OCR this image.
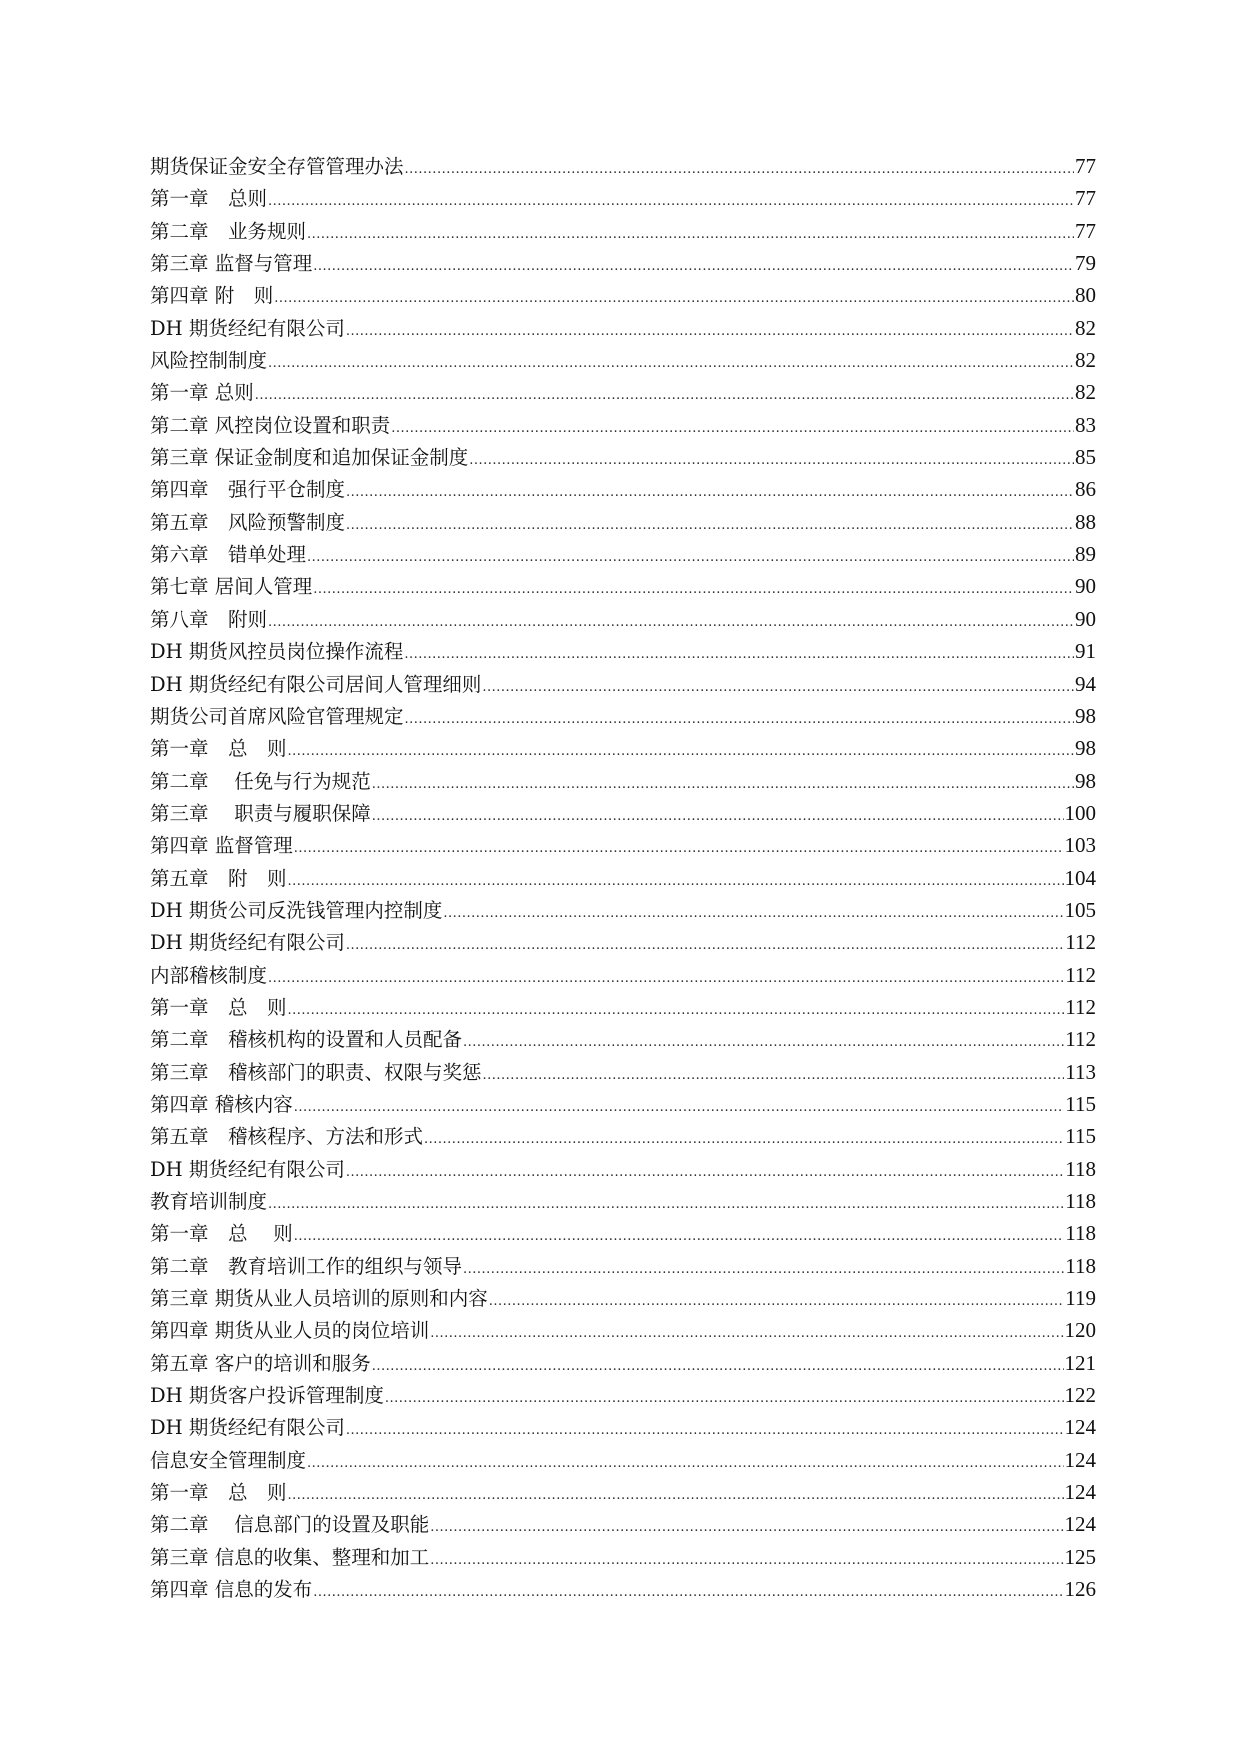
期货保证金安全存管管理办法 .....	77
第一章　总则 .....	77
第二章　业务规则 .....	77
第三章 监督与管理 .....	79
第四章 附　则 .....	80
DH 期货经纪有限公司 .....	82
风险控制制度 .....	82
第一章 总则 .....	82
第二章 风控岗位设置和职责 .....	83
第三章 保证金制度和追加保证金制度 .....	85
第四章　强行平仓制度 .....	86
第五章　风险预警制度 .....	88
第六章　错单处理 .....	89
第七章 居间人管理 .....	90
第八章　附则 .....	90
DH 期货风控员岗位操作流程 .....	91
DH 期货经纪有限公司居间人管理细则 .....	94
期货公司首席风险官管理规定 .....	98
第一章　总　则 .....	98
第二章　 任免与行为规范 .....	98
第三章　 职责与履职保障 .....	100
第四章 监督管理 .....	103
第五章　附　则 .....	104
DH 期货公司反洗钱管理内控制度 .....	105
DH 期货经纪有限公司 .....	112
内部稽核制度 .....	112
第一章　总　则 .....	112
第二章　稽核机构的设置和人员配备 .....	112
第三章　稽核部门的职责、权限与奖惩 .....	113
第四章 稽核内容 .....	115
第五章　稽核程序、方法和形式 .....	115
DH 期货经纪有限公司 .....	118
教育培训制度 .....	118
第一章　总　 则 .....	118
第二章　教育培训工作的组织与领导 .....	118
第三章 期货从业人员培训的原则和内容 .....	119
第四章 期货从业人员的岗位培训 .....	120
第五章 客户的培训和服务 .....	121
DH 期货客户投诉管理制度 .....	122
DH 期货经纪有限公司 .....	124
信息安全管理制度 .....	124
第一章　总　则 .....	124
第二章　 信息部门的设置及职能 .....	124
第三章 信息的收集、整理和加工 .....	125
第四章 信息的发布 .....	126
